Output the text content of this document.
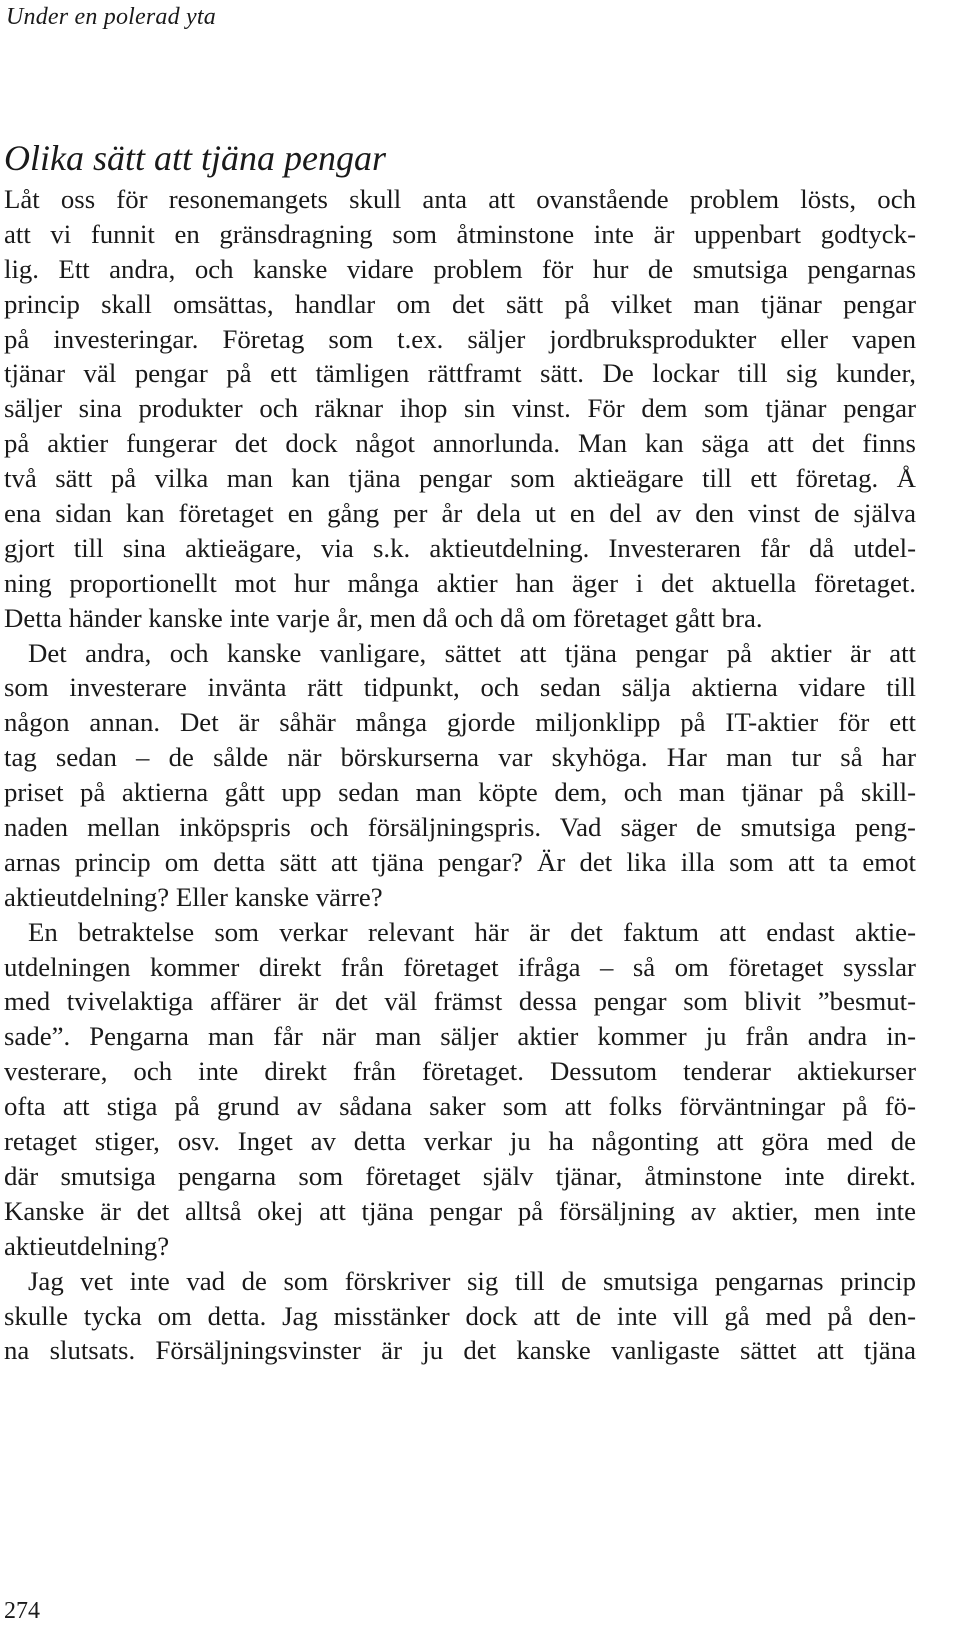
Under en polerad yta
Olika sätt att tjäna pengar
Låt oss för resonemangets skull anta att ovanstående problem lösts, och
att vi funnit en gränsdragning som åtminstone inte är uppenbart godtyck-
lig. Ett andra, och kanske vidare problem för hur de smutsiga pengarnas
princip skall omsättas, handlar om det sätt på vilket man tjänar pengar
på investeringar. Företag som t.ex. säljer jordbruksprodukter eller vapen
tjänar väl pengar på ett tämligen rättframt sätt. De lockar till sig kunder,
säljer sina produkter och räknar ihop sin vinst. För dem som tjänar pengar
på aktier fungerar det dock något annorlunda. Man kan säga att det finns
två sätt på vilka man kan tjäna pengar som aktieägare till ett företag. Å
ena sidan kan företaget en gång per år dela ut en del av den vinst de själva
gjort till sina aktieägare, via s.k. aktieutdelning. Investeraren får då utdel-
ning proportionellt mot hur många aktier han äger i det aktuella företaget.
Detta händer kanske inte varje år, men då och då om företaget gått bra.
Det andra, och kanske vanligare, sättet att tjäna pengar på aktier är att
som investerare invänta rätt tidpunkt, och sedan sälja aktierna vidare till
någon annan. Det är såhär många gjorde miljonklipp på IT-aktier för ett
tag sedan – de sålde när börskurserna var skyhöga. Har man tur så har
priset på aktierna gått upp sedan man köpte dem, och man tjänar på skill-
naden mellan inköpspris och försäljningspris. Vad säger de smutsiga peng-
arnas princip om detta sätt att tjäna pengar? Är det lika illa som att ta emot
aktieutdelning? Eller kanske värre?
En betraktelse som verkar relevant här är det faktum att endast aktie-
utdelningen kommer direkt från företaget ifråga – så om företaget sysslar
med tvivelaktiga affärer är det väl främst dessa pengar som blivit ”besmut-
sade”. Pengarna man får när man säljer aktier kommer ju från andra in-
vesterare, och inte direkt från företaget. Dessutom tenderar aktiekurser
ofta att stiga på grund av sådana saker som att folks förväntningar på fö-
retaget stiger, osv. Inget av detta verkar ju ha någonting att göra med de
där smutsiga pengarna som företaget själv tjänar, åtminstone inte direkt.
Kanske är det alltså okej att tjäna pengar på försäljning av aktier, men inte
aktieutdelning?
Jag vet inte vad de som förskriver sig till de smutsiga pengarnas princip
skulle tycka om detta. Jag misstänker dock att de inte vill gå med på den-
na slutsats. Försäljningsvinster är ju det kanske vanligaste sättet att tjäna
274
